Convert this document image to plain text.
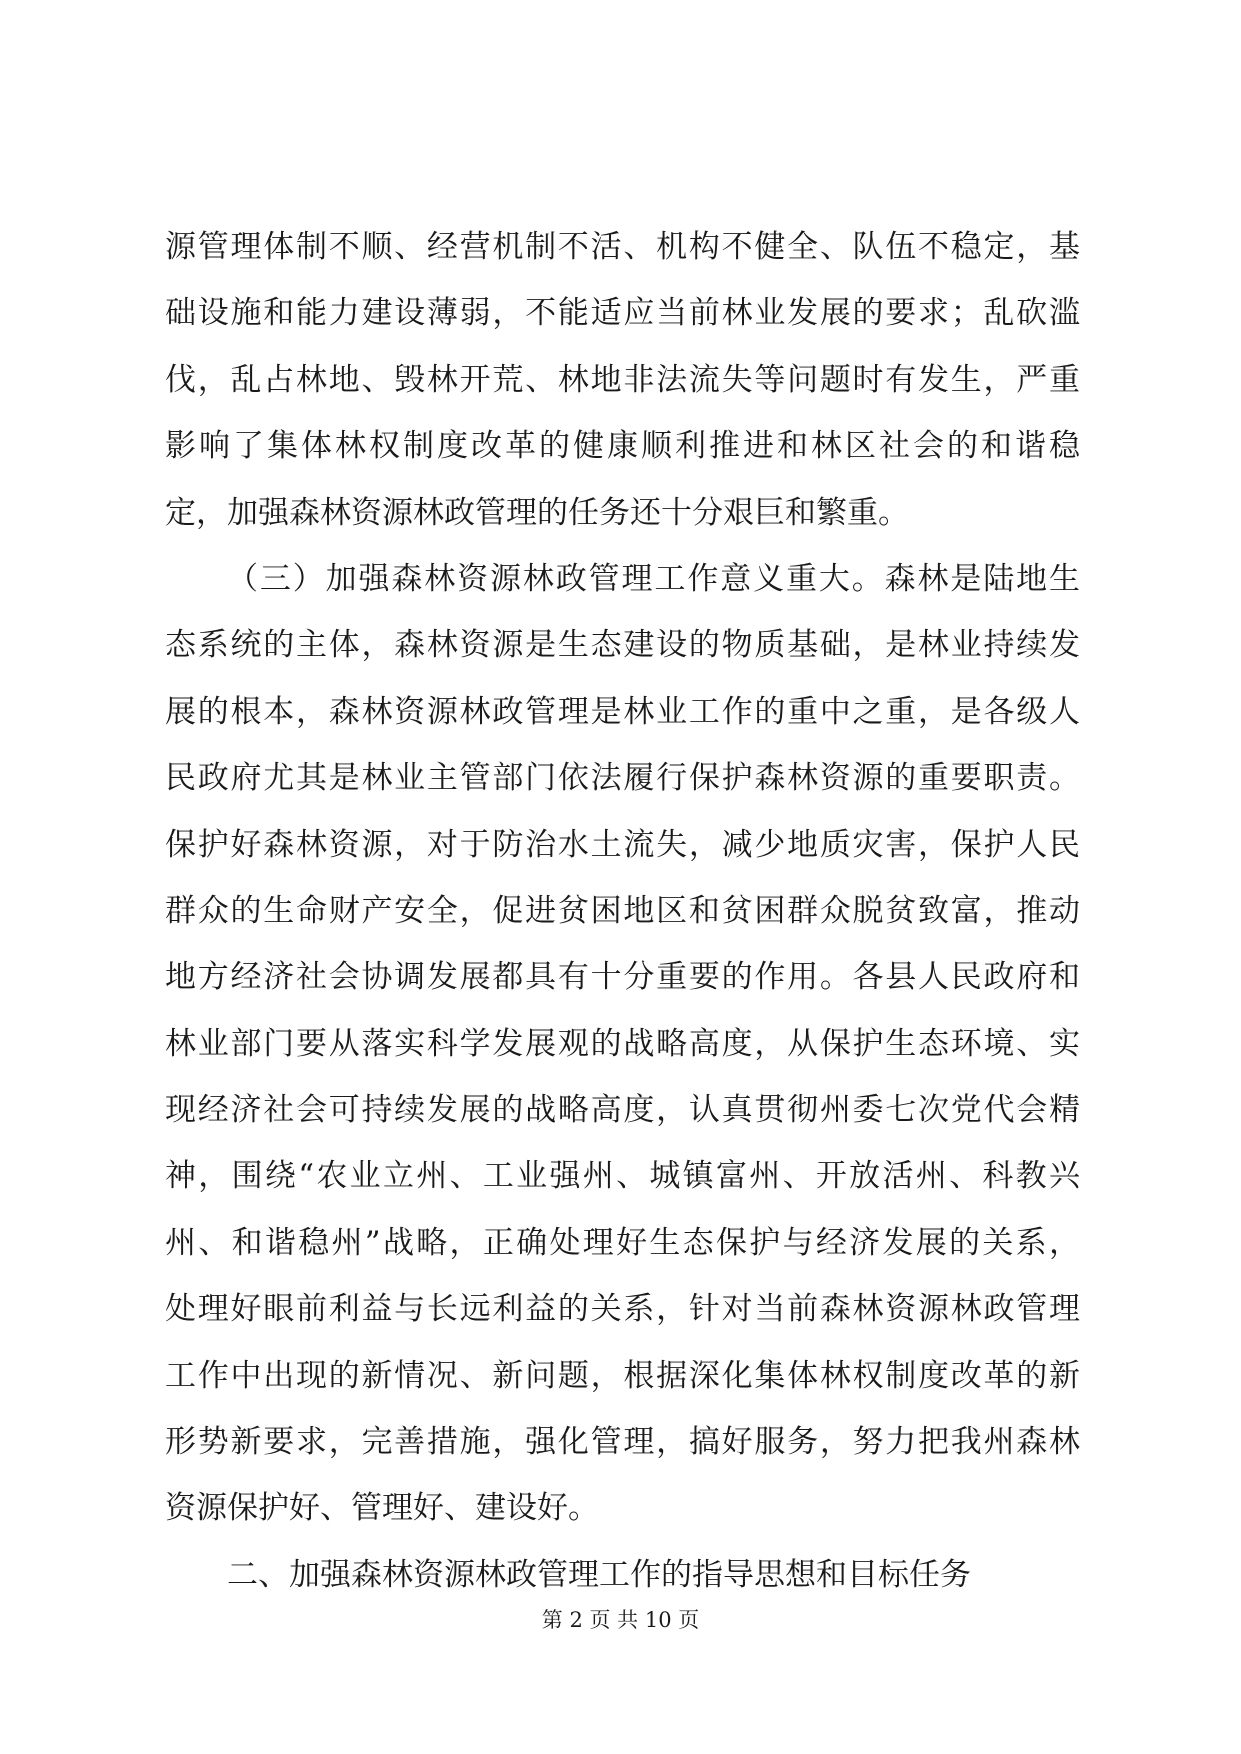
源管理体制不顺、经营机制不活、机构不健全、队伍不稳定，基
础设施和能力建设薄弱，不能适应当前林业发展的要求；乱砍滥
伐，乱占林地、毁林开荒、林地非法流失等问题时有发生，严重
影响了集体林权制度改革的健康顺利推进和林区社会的和谐稳
定，加强森林资源林政管理的任务还十分艰巨和繁重。
（三）加强森林资源林政管理工作意义重大。森林是陆地生
态系统的主体，森林资源是生态建设的物质基础，是林业持续发
展的根本，森林资源林政管理是林业工作的重中之重，是各级人
民政府尤其是林业主管部门依法履行保护森林资源的重要职责。
保护好森林资源，对于防治水土流失，减少地质灾害，保护人民
群众的生命财产安全，促进贫困地区和贫困群众脱贫致富，推动
地方经济社会协调发展都具有十分重要的作用。各县人民政府和
林业部门要从落实科学发展观的战略高度，从保护生态环境、实
现经济社会可持续发展的战略高度，认真贯彻州委七次党代会精
神，围绕“农业立州、工业强州、城镇富州、开放活州、科教兴
州、和谐稳州”战略，正确处理好生态保护与经济发展的关系，
处理好眼前利益与长远利益的关系，针对当前森林资源林政管理
工作中出现的新情况、新问题，根据深化集体林权制度改革的新
形势新要求，完善措施，强化管理，搞好服务，努力把我州森林
资源保护好、管理好、建设好。
二、加强森林资源林政管理工作的指导思想和目标任务
第 2 页 共 10 页
